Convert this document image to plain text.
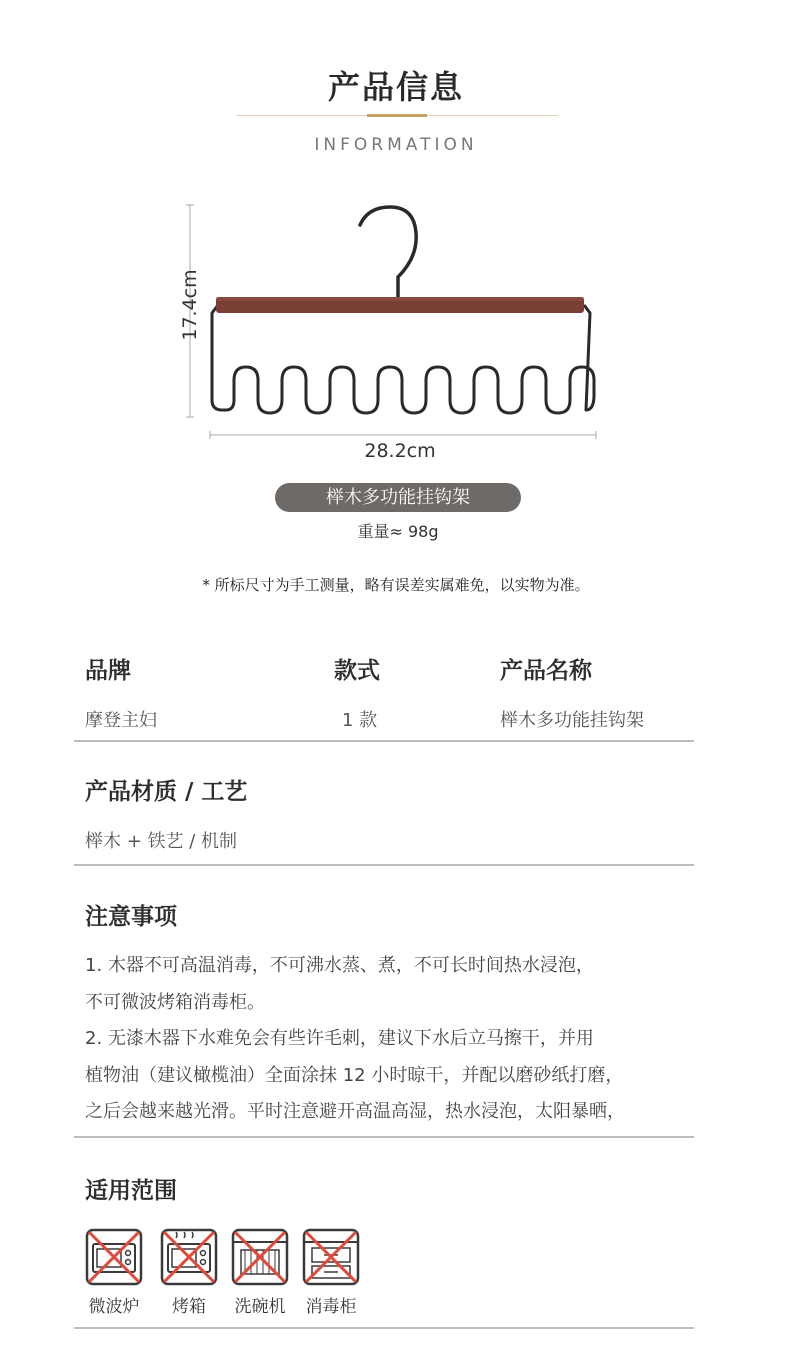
产品信息
INFORMATION
17.4cm
28.2cm
榉木多功能挂钩架
重量≈ 98g
* 所标尺寸为手工测量，略有误差实属难免，以实物为准。
品牌	款式	产品名称
摩登主妇	1 款	榉木多功能挂钩架
产品材质 / 工艺
榉木 + 铁艺 / 机制
注意事项

1. 木器不可高温消毒，不可沸水蒸、煮，不可长时间热水浸泡，

不可微波烤箱消毒柜。

2. 无漆木器下水难免会有些许毛刺，建议下水后立马擦干，并用

植物油（建议橄榄油）全面涂抹 12 小时晾干，并配以磨砂纸打磨，

之后会越来越光滑。平时注意避开高温高湿，热水浸泡，太阳暴晒，

适用范围
微波炉	烤箱	洗碗机	消毒柜
